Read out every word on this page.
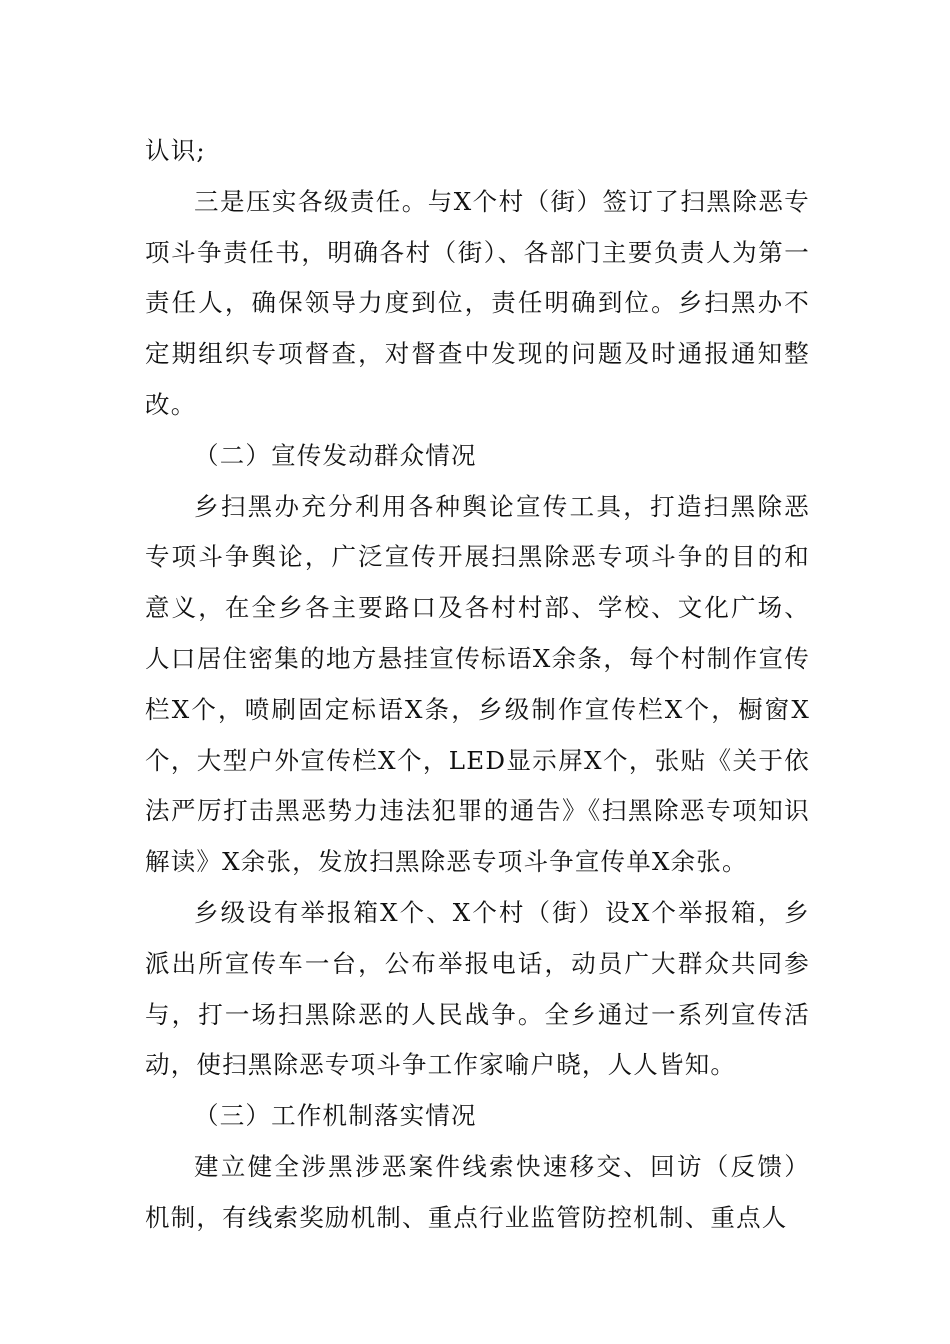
认识;

三是压实各级责任。与X个村（街）签订了扫黑除恶专项斗争责任书，明确各村（街）、各部门主要负责人为第一责任人，确保领导力度到位，责任明确到位。乡扫黑办不定期组织专项督查，对督查中发现的问题及时通报通知整改。

（二）宣传发动群众情况

乡扫黑办充分利用各种舆论宣传工具，打造扫黑除恶专项斗争舆论，广泛宣传开展扫黑除恶专项斗争的目的和意义，在全乡各主要路口及各村村部、学校、文化广场、人口居住密集的地方悬挂宣传标语X余条，每个村制作宣传栏X个，喷刷固定标语X条，乡级制作宣传栏X个，橱窗X个，大型户外宣传栏X个，LED显示屏X个，张贴《关于依法严厉打击黑恶势力违法犯罪的通告》《扫黑除恶专项知识解读》X余张，发放扫黑除恶专项斗争宣传单X余张。

乡级设有举报箱X个、X个村（街）设X个举报箱，乡派出所宣传车一台，公布举报电话，动员广大群众共同参与，打一场扫黑除恶的人民战争。全乡通过一系列宣传活动，使扫黑除恶专项斗争工作家喻户晓，人人皆知。

（三）工作机制落实情况

建立健全涉黑涉恶案件线索快速移交、回访（反馈）机制，有线索奖励机制、重点行业监管防控机制、重点人
